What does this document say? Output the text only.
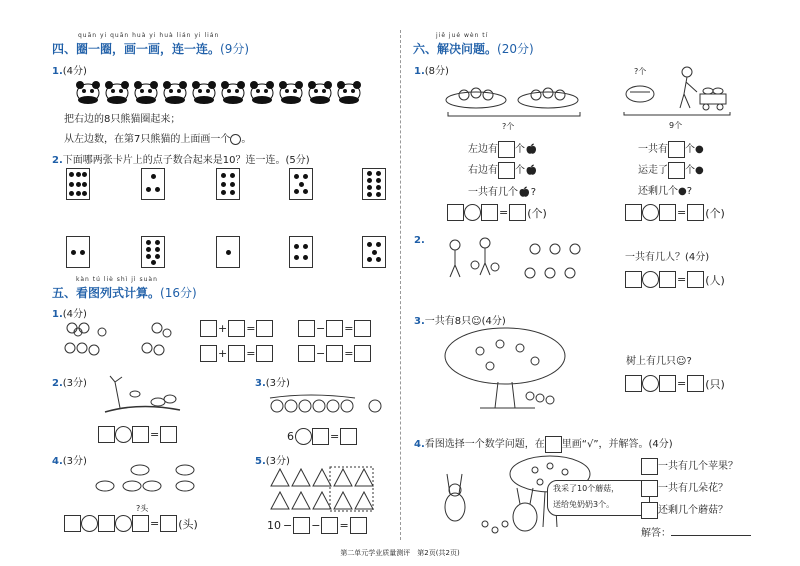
quān yi quān huà yi huà lián yi lián
四、圈一圈，画一画，连一连。(9分)
1.(4分)
把右边的8只熊猫圈起来；
从左边数，在第7只熊猫的上面画一个 。
2.下面哪两张卡片上的点子数合起来是10？连一连。(5分)
kàn tú liè shì jì suàn
五、看图列式计算。(16分)
1.(4分)
+ =	− =
+ =	− =
2.(3分)
=
3.(3分)
6	=
4.(3分)
?头
= (头)
5.(3分)
10 − − =
jiě jué wèn tí
六、解决问题。(20分)
1.(8分)
?个
左边有 个🍎︎
右边有 个🍎︎
一共有几个🍎︎?
= (个)
?个
9个
一共有 个●
运走了 个●
还剩几个●?
= (个)
2.
一共有几人？(4分)
= (人)
3.一共有8只☺(4分)
树上有几只☺?
= (只)
4.看图选择一个数学问题，在 里画“√”，并解答。(4分)
我采了10个蘑菇，
送给兔奶奶3个。
一共有几个苹果？
一共有几朵花？
还剩几个蘑菇？
解答：
第二单元学业质量测评　第2页(共2页)
